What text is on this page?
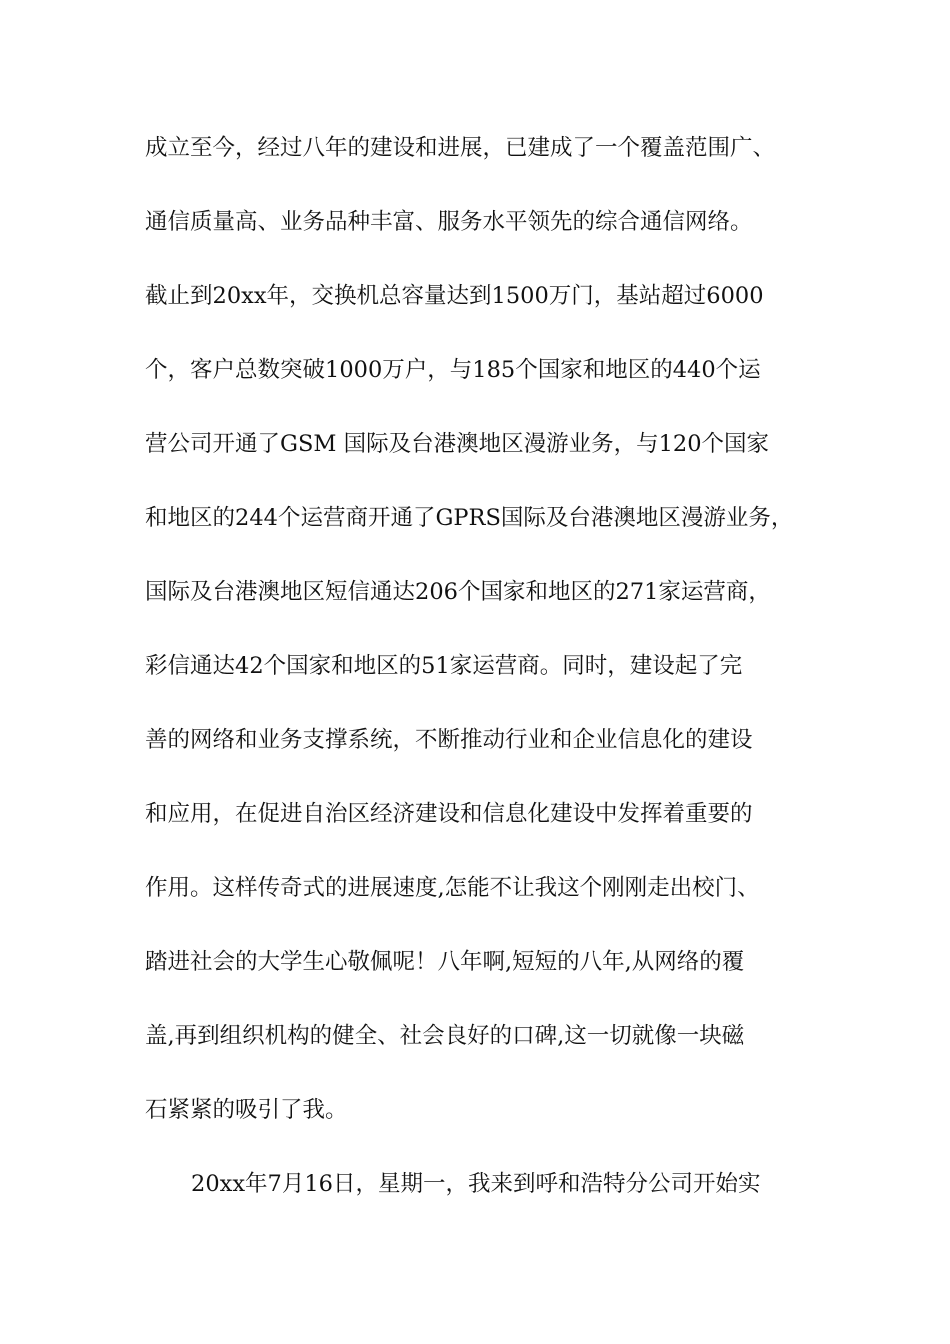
成立至今，经过八年的建设和进展，已建成了一个覆盖范围广、
通信质量高、业务品种丰富、服务水平领先的综合通信网络。
截止到20xx年，交换机总容量达到1500万门，基站超过6000
个，客户总数突破1000万户，与185个国家和地区的440个运
营公司开通了GSM 国际及台港澳地区漫游业务，与120个国家
和地区的244个运营商开通了GPRS国际及台港澳地区漫游业务，
国际及台港澳地区短信通达206个国家和地区的271家运营商，
彩信通达42个国家和地区的51家运营商。同时，建设起了完
善的网络和业务支撑系统，不断推动行业和企业信息化的建设
和应用，在促进自治区经济建设和信息化建设中发挥着重要的
作用。这样传奇式的进展速度,怎能不让我这个刚刚走出校门、
踏进社会的大学生心敬佩呢！八年啊,短短的八年,从网络的覆
盖,再到组织机构的健全、社会良好的口碑,这一切就像一块磁
石紧紧的吸引了我。
20xx年7月16日，星期一，我来到呼和浩特分公司开始实
